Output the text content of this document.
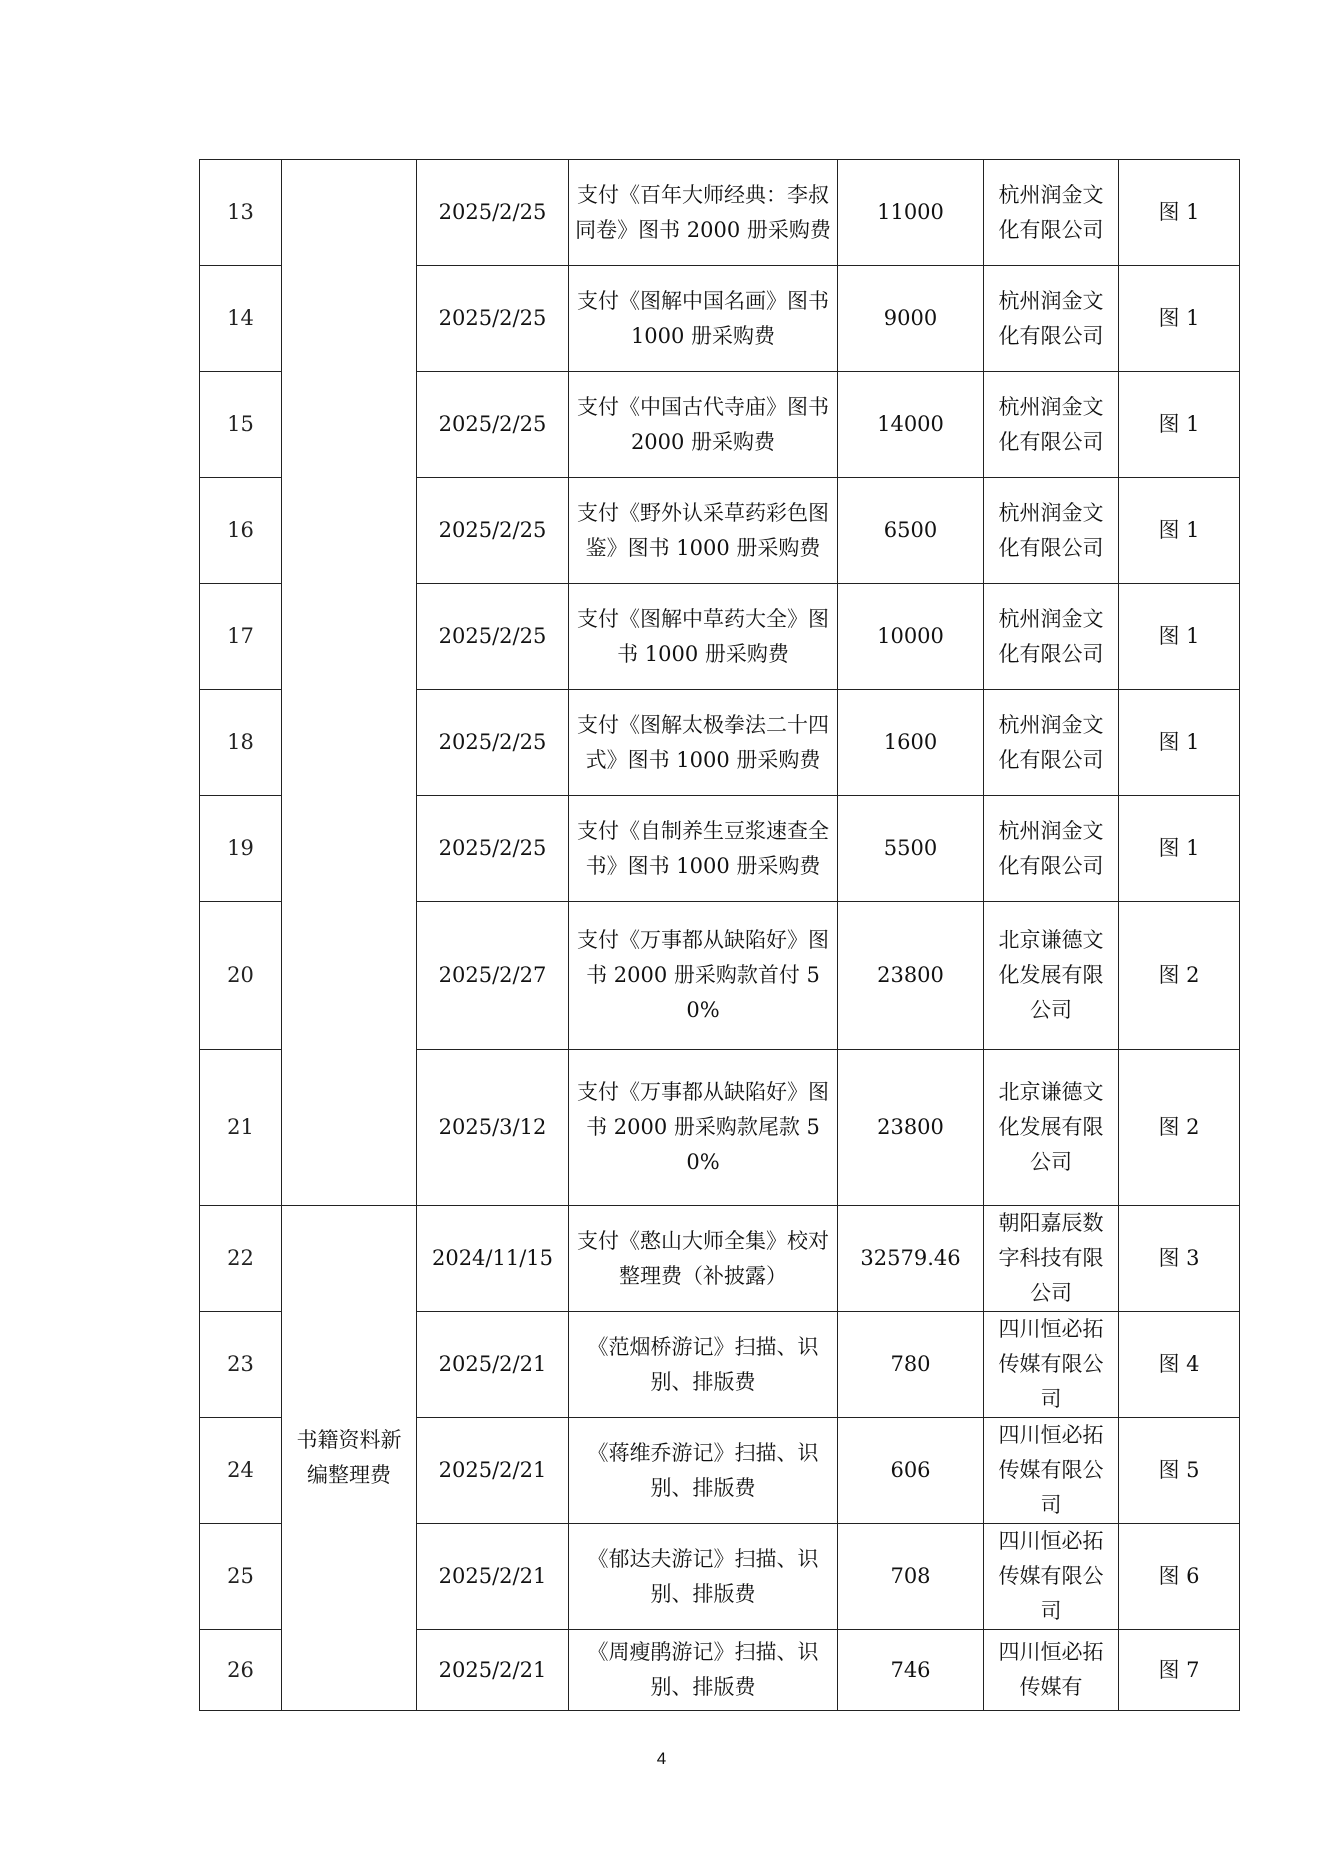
13		2025/2/25	支付《百年大师经典：李叔同卷》图书 2000 册采购费	11000	杭州润金文化有限公司	图 1
14		2025/2/25	支付《图解中国名画》图书 1000 册采购费	9000	杭州润金文化有限公司	图 1
15		2025/2/25	支付《中国古代寺庙》图书 2000 册采购费	14000	杭州润金文化有限公司	图 1
16		2025/2/25	支付《野外认采草药彩色图鉴》图书 1000 册采购费	6500	杭州润金文化有限公司	图 1
17		2025/2/25	支付《图解中草药大全》图书 1000 册采购费	10000	杭州润金文化有限公司	图 1
18		2025/2/25	支付《图解太极拳法二十四式》图书 1000 册采购费	1600	杭州润金文化有限公司	图 1
19		2025/2/25	支付《自制养生豆浆速查全书》图书 1000 册采购费	5500	杭州润金文化有限公司	图 1
20		2025/2/27	支付《万事都从缺陷好》图书 2000 册采购款首付 50%	23800	北京谦德文化发展有限公司	图 2
21		2025/3/12	支付《万事都从缺陷好》图书 2000 册采购款尾款 50%	23800	北京谦德文化发展有限公司	图 2
22	书籍资料新编整理费	2024/11/15	支付《憨山大师全集》校对整理费（补披露）	32579.46	朝阳嘉辰数字科技有限公司	图 3
23		2025/2/21	《范烟桥游记》扫描、识别、排版费	780	四川恒必拓传媒有限公司	图 4
24		2025/2/21	《蒋维乔游记》扫描、识别、排版费	606	四川恒必拓传媒有限公司	图 5
25		2025/2/21	《郁达夫游记》扫描、识别、排版费	708	四川恒必拓传媒有限公司	图 6
26		2025/2/21	《周瘦鹃游记》扫描、识别、排版费	746	四川恒必拓传媒有	图 7
4
